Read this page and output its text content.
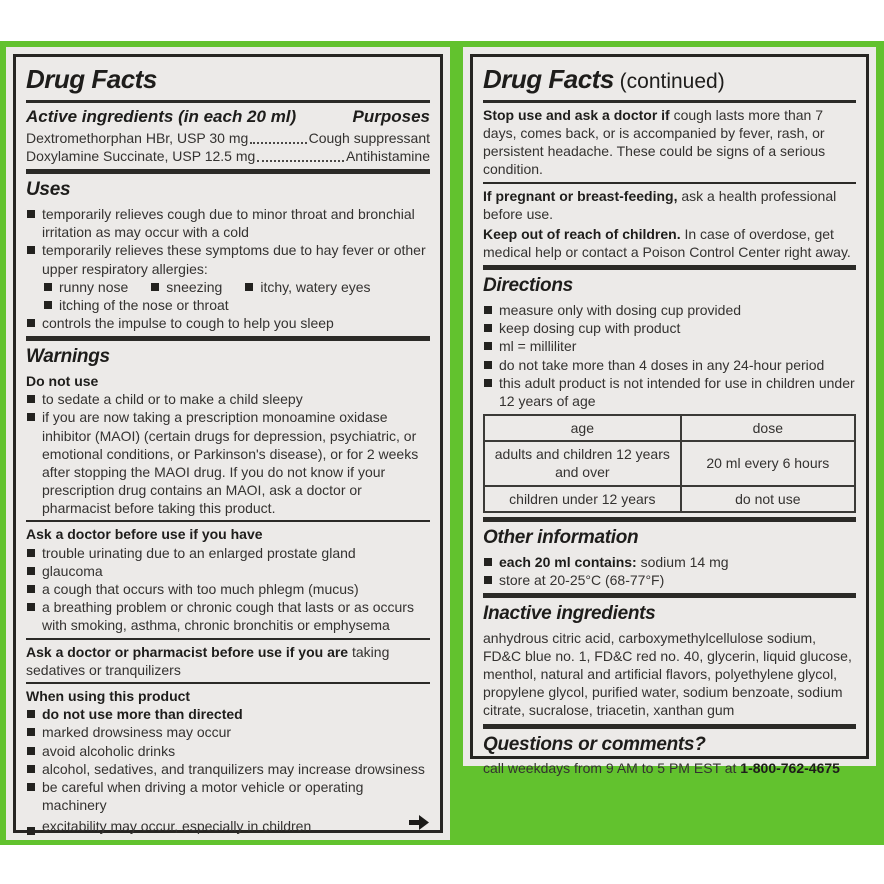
Drug Facts
Active ingredients (in each 20 ml)	Purposes
Dextromethorphan HBr, USP 30 mg	Cough suppressant
Doxylamine Succinate, USP 12.5 mg	Antihistamine
Uses
temporarily relieves cough due to minor throat and bronchial irritation as may occur with a cold
temporarily relieves these symptoms due to hay fever or other upper respiratory allergies:
runny nose	sneezing	itchy, watery eyes
itching of the nose or throat
controls the impulse to cough to help you sleep
Warnings
Do not use
to sedate a child or to make a child sleepy
if you are now taking a prescription monoamine oxidase inhibitor (MAOI) (certain drugs for depression, psychiatric, or emotional conditions, or Parkinson's disease), or for 2 weeks after stopping the MAOI drug. If you do not know if your prescription drug contains an MAOI, ask a doctor or pharmacist before taking this product.
Ask a doctor before use if you have
trouble urinating due to an enlarged prostate gland
glaucoma
a cough that occurs with too much phlegm (mucus)
a breathing problem or chronic cough that lasts or as occurs with smoking, asthma, chronic bronchitis or emphysema
Ask a doctor or pharmacist before use if you are taking sedatives or tranquilizers
When using this product
do not use more than directed
marked drowsiness may occur
avoid alcoholic drinks
alcohol, sedatives, and tranquilizers may increase drowsiness
be careful when driving a motor vehicle or operating machinery
excitability may occur, especially in children
Drug Facts (continued)
Stop use and ask a doctor if cough lasts more than 7 days, comes back, or is accompanied by fever, rash, or persistent headache. These could be signs of a serious condition.
If pregnant or breast-feeding, ask a health professional before use.
Keep out of reach of children. In case of overdose, get medical help or contact a Poison Control Center right away.
Directions
measure only with dosing cup provided
keep dosing cup with product
ml = milliliter
do not take more than 4 doses in any 24-hour period
this adult product is not intended for use in children under 12 years of age
age	dose
adults and children 12 years and over	20 ml every 6 hours
children under 12 years	do not use
Other information
each 20 ml contains: sodium 14 mg
store at 20-25°C (68-77°F)
Inactive ingredients
anhydrous citric acid, carboxymethylcellulose sodium, FD&C blue no. 1, FD&C red no. 40, glycerin, liquid glucose, menthol, natural and artificial flavors, polyethylene glycol, propylene glycol, purified water, sodium benzoate, sodium citrate, sucralose, triacetin, xanthan gum
Questions or comments?
call weekdays from 9 AM to 5 PM EST at 1-800-762-4675
